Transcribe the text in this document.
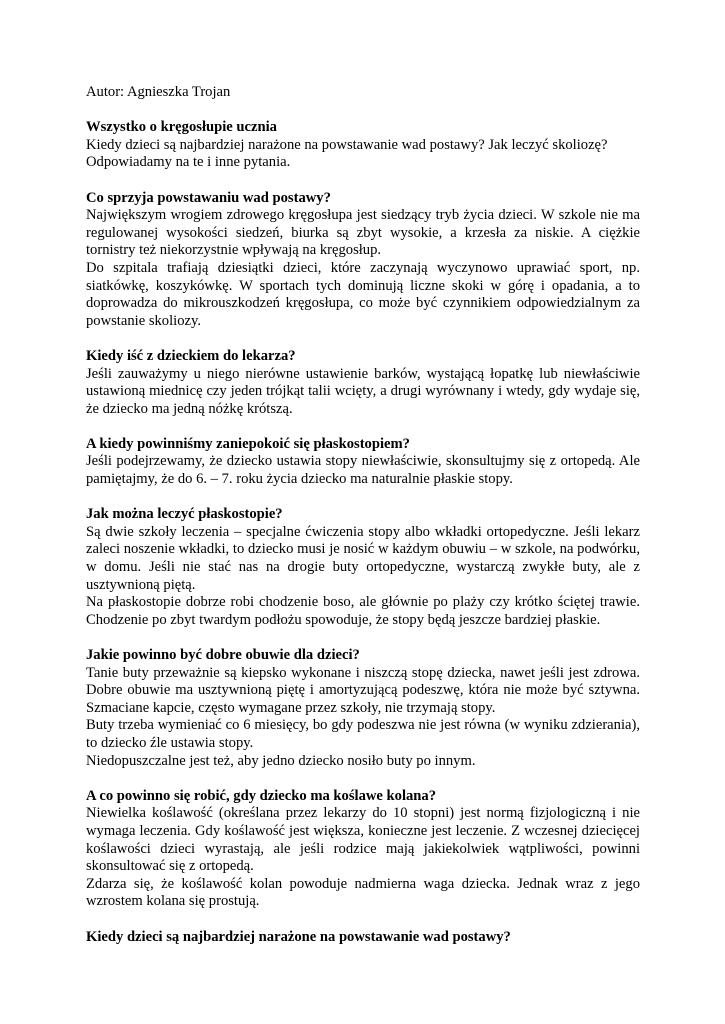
Autor: Agnieszka Trojan

Wszystko o kręgosłupie ucznia

Kiedy dzieci są najbardziej narażone na powstawanie wad postawy? Jak leczyć skoliozę? Odpowiadamy na te i inne pytania.

Co sprzyja powstawaniu wad postawy?

Największym wrogiem zdrowego kręgosłupa jest siedzący tryb życia dzieci. W szkole nie ma regulowanej wysokości siedzeń, biurka są zbyt wysokie, a krzesła za niskie. A ciężkie tornistry też niekorzystnie wpływają na kręgosłup.

Do szpitala trafiają dziesiątki dzieci, które zaczynają wyczynowo uprawiać sport, np. siatkówkę, koszykówkę. W sportach tych dominują liczne skoki w górę i opadania, a to doprowadza do mikrouszkodzeń kręgosłupa, co może być czynnikiem odpowiedzialnym za powstanie skoliozy.

Kiedy iść z dzieckiem do lekarza?

Jeśli zauważymy u niego nierówne ustawienie barków, wystającą łopatkę lub niewłaściwie ustawioną miednicę czy jeden trójkąt talii wcięty, a drugi wyrównany i wtedy, gdy wydaje się, że dziecko ma jedną nóżkę krótszą.

A kiedy powinniśmy zaniepokoić się płaskostopiem?

Jeśli podejrzewamy, że dziecko ustawia stopy niewłaściwie, skonsultujmy się z ortopedą. Ale pamiętajmy, że do 6. – 7. roku życia dziecko ma naturalnie płaskie stopy.

Jak można leczyć płaskostopie?

Są dwie szkoły leczenia – specjalne ćwiczenia stopy albo wkładki ortopedyczne. Jeśli lekarz zaleci noszenie wkładki, to dziecko musi je nosić w każdym obuwiu – w szkole, na podwórku, w domu. Jeśli nie stać nas na drogie buty ortopedyczne, wystarczą zwykłe buty, ale z usztywnioną piętą.

Na płaskostopie dobrze robi chodzenie boso, ale głównie po plaży czy krótko ściętej trawie. Chodzenie po zbyt twardym podłożu spowoduje, że stopy będą jeszcze bardziej płaskie.

Jakie powinno być dobre obuwie dla dzieci?

Tanie buty przeważnie są kiepsko wykonane i niszczą stopę dziecka, nawet jeśli jest zdrowa. Dobre obuwie ma usztywnioną piętę i amortyzującą podeszwę, która nie może być sztywna. Szmaciane kapcie, często wymagane przez szkoły, nie trzymają stopy.

Buty trzeba wymieniać co 6 miesięcy, bo gdy podeszwa nie jest równa (w wyniku zdzierania), to dziecko źle ustawia stopy.

Niedopuszczalne jest też, aby jedno dziecko nosiło buty po innym.

A co powinno się robić, gdy dziecko ma koślawe kolana?

Niewielka koślawość (określana przez lekarzy do 10 stopni) jest normą fizjologiczną i nie wymaga leczenia. Gdy koślawość jest większa, konieczne jest leczenie. Z wczesnej dziecięcej koślawości dzieci wyrastają, ale jeśli rodzice mają jakiekolwiek wątpliwości, powinni skonsultować się z ortopedą.

Zdarza się, że koślawość kolan powoduje nadmierna waga dziecka. Jednak wraz z jego wzrostem kolana się prostują.

Kiedy dzieci są najbardziej narażone na powstawanie wad postawy?
